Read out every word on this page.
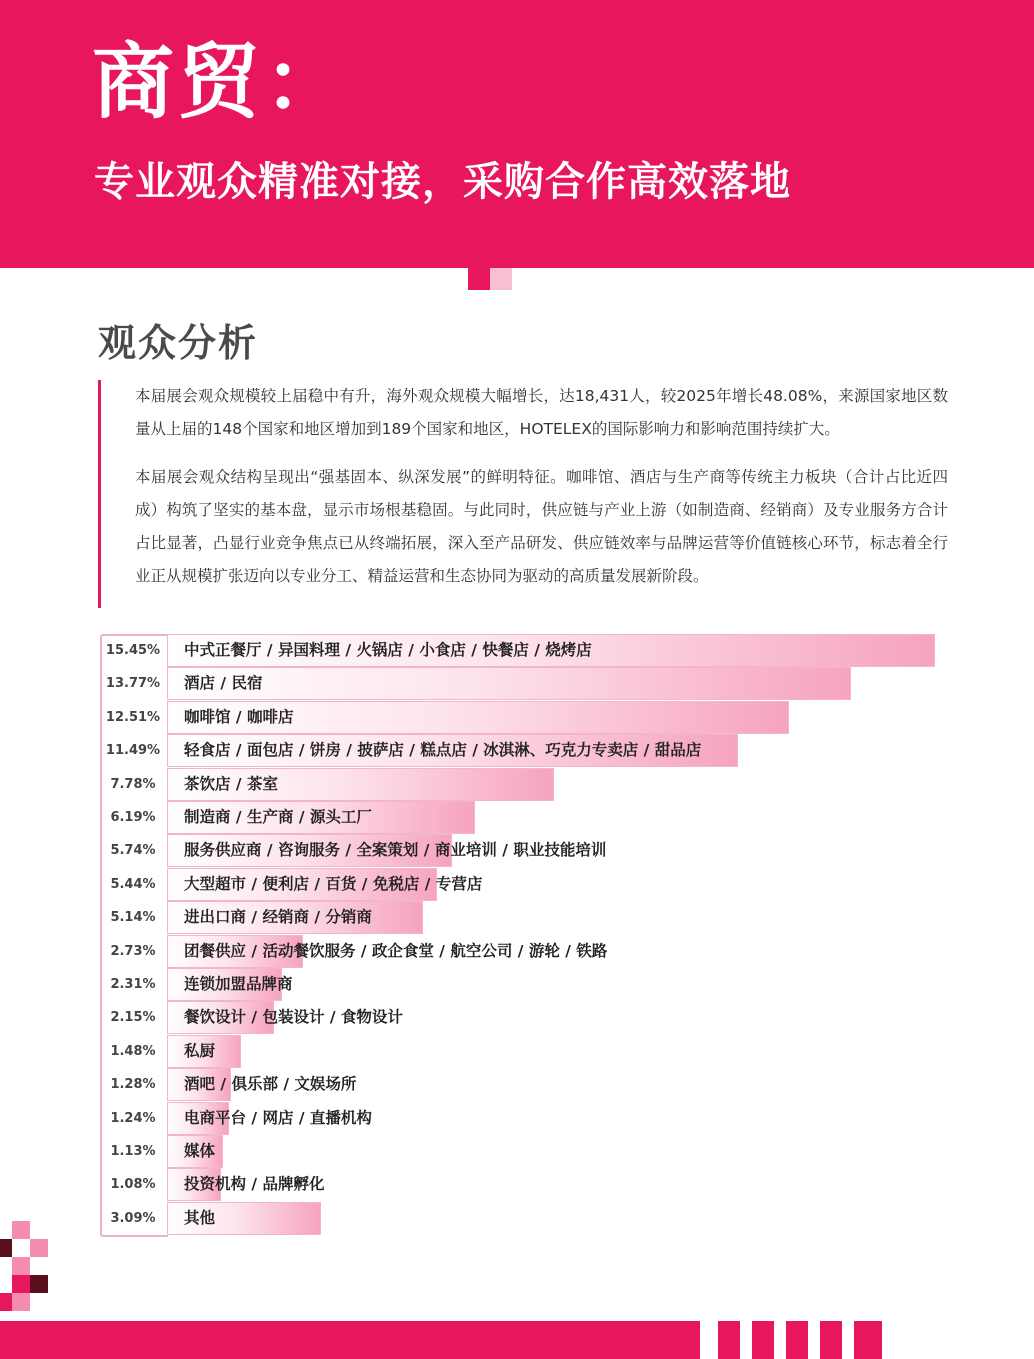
商贸：
专业观众精准对接，采购合作高效落地
观众分析

本届展会观众规模较上届稳中有升，海外观众规模大幅增长，达18,431人，较2025年增长48.08%，来源国家地区数量从上届的148个国家和地区增加到189个国家和地区，HOTELEX的国际影响力和影响范围持续扩大。

本届展会观众结构呈现出“强基固本、纵深发展”的鲜明特征。咖啡馆、酒店与生产商等传统主力板块（合计占比近四成）构筑了坚实的基本盘，显示市场根基稳固。与此同时，供应链与产业上游（如制造商、经销商）及专业服务方合计占比显著，凸显行业竞争焦点已从终端拓展，深入至产品研发、供应链效率与品牌运营等价值链核心环节，标志着全行业正从规模扩张迈向以专业分工、精益运营和生态协同为驱动的高质量发展新阶段。

15.45%	中式正餐厅 / 异国料理 / 火锅店 / 小食店 / 快餐店 / 烧烤店
13.77%	酒店 / 民宿
12.51%	咖啡馆 / 咖啡店
11.49%	轻食店 / 面包店 / 饼房 / 披萨店 / 糕点店 / 冰淇淋、巧克力专卖店 / 甜品店
7.78%	茶饮店 / 茶室
6.19%	制造商 / 生产商 / 源头工厂
5.74%	服务供应商 / 咨询服务 / 全案策划 / 商业培训 / 职业技能培训
5.44%	大型超市 / 便利店 / 百货 / 免税店 / 专营店
5.14%	进出口商 / 经销商 / 分销商
2.73%	团餐供应 / 活动餐饮服务 / 政企食堂 / 航空公司 / 游轮 / 铁路
2.31%	连锁加盟品牌商
2.15%	餐饮设计 / 包装设计 / 食物设计
1.48%	私厨
1.28%	酒吧 / 俱乐部 / 文娱场所
1.24%	电商平台 / 网店 / 直播机构
1.13%	媒体
1.08%	投资机构 / 品牌孵化
3.09%	其他
